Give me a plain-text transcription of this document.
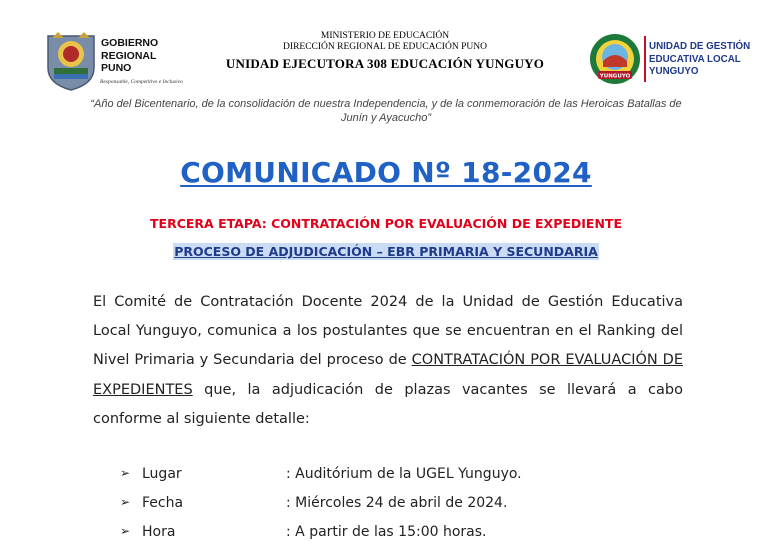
GOBIERNO
REGIONAL
PUNO
Responsable, Competitivo e Inclusivo
MINISTERIO DE EDUCACIÓN
DIRECCIÓN REGIONAL DE EDUCACIÓN PUNO
UNIDAD EJECUTORA 308 EDUCACIÓN YUNGUYO
YUNGUYO
UNIDAD DE GESTIÓN
EDUCATIVA LOCAL
YUNGUYO
“Año del Bicentenario, de la consolidación de nuestra Independencia, y de la conmemoración de las Heroicas Batallas de Junín y Ayacucho”
COMUNICADO Nº 18-2024
TERCERA ETAPA: CONTRATACIÓN POR EVALUACIÓN DE EXPEDIENTE
PROCESO DE ADJUDICACIÓN – EBR PRIMARIA Y SECUNDARIA
El Comité de Contratación Docente 2024 de la Unidad de Gestión Educativa Local Yunguyo, comunica a los postulantes que se encuentran en el Ranking del Nivel Primaria y Secundaria del proceso de CONTRATACIÓN POR EVALUACIÓN DE EXPEDIENTES que, la adjudicación de plazas vacantes se llevará a cabo conforme al siguiente detalle:
➢ Lugar	: Auditórium de la UGEL Yunguyo.
➢ Fecha	: Miércoles 24 de abril de 2024.
➢ Hora	: A partir de las 15:00 horas.
